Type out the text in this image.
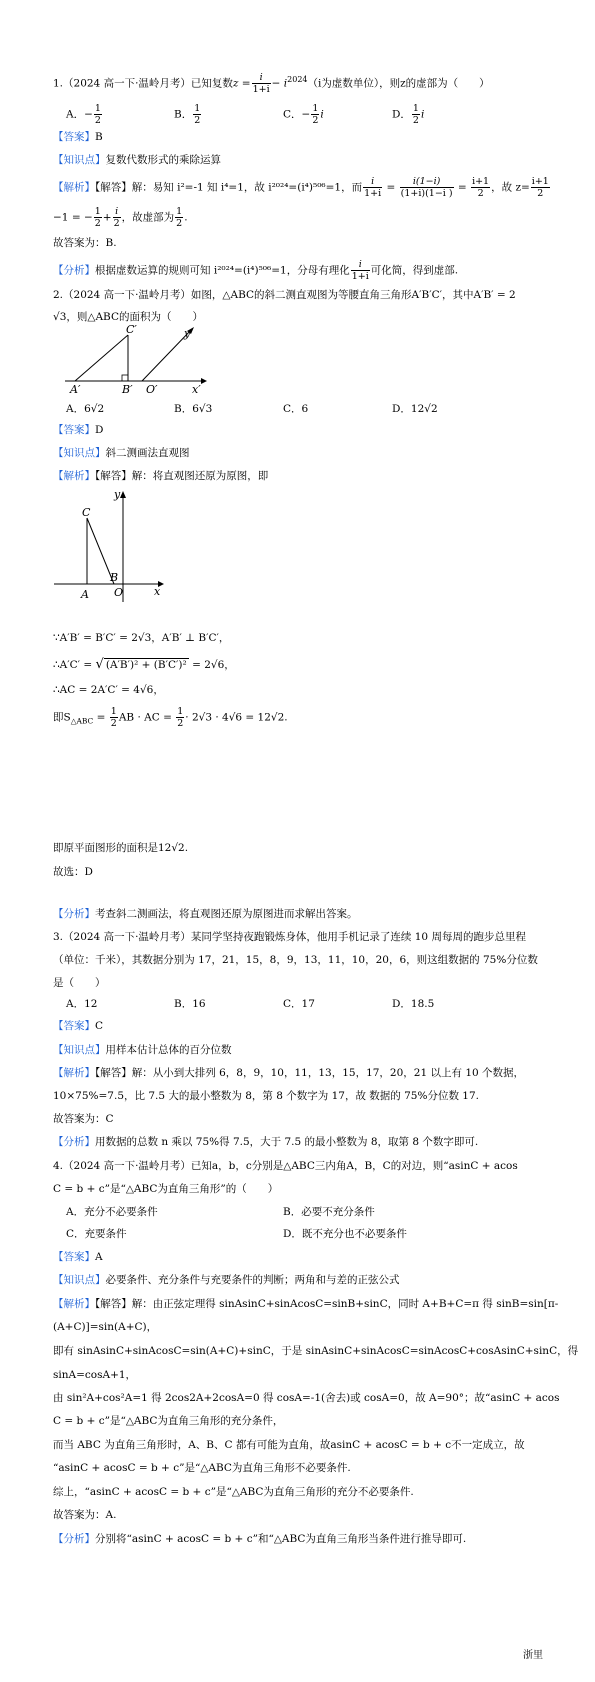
1.（2024 高一下·温岭月考）已知复数$z = \frac{i}{1+i} - i^{2024}(i$为虚数单位），则z的虚部为（　　）
A．− $\frac{1}{2}$	B． $\frac{1}{2}$	C．− $\frac{1}{2}$ i	D． $\frac{1}{2}$ i
【答案】B
【知识点】复数代数形式的乘除运算
【解析】【解答】解：易知 i²=-1 知 i⁴=1，故 i²⁰²⁴=(i⁴)⁵⁰⁶=1，而 $\frac{i}{1+i} = \frac{i(1-i)}{(1+i)(1-i )} = \frac{i+1}{2}$ ，故 $z= \frac{i+1}{2}$
−1 = − $\frac{1}{2} + \frac{i}{2}$ ，故虚部为 $\frac{1}{2}$ .
故答案为：B.
【分析】根据虚数运算的规则可知 i²⁰²⁴=(i⁴)⁵⁰⁶=1，分母有理化 $\frac{i}{1+i}$ 可化简，得到虚部.
2.（2024 高一下·温岭月考）如图，△ABC的斜二测直观图为等腰直角三角形A′B′C′，其中A′B′ = 2
√3，则△ABC的面积为（　　）
C′
A′	B′ O′	x′
y′
A．6√2	B．6√3	C．6	D．12√2
【答案】D
【知识点】斜二测画法直观图
【解析】【解答】解：将直观图还原为原图，即
C
A
B
O	x
y
∵A′B′ = B′C′ = 2√3，A′B′ ⊥ B′C′，
∴A′C′ = √ (A′B′)² + (B′C′)² = 2√6，
∴AC = 2A′C′ = 4√6，
即$S_{\triangle ABC} = \frac{1}{2}$ AB · AC = $\frac{1}{2} \cdot 2√3 \cdot 4√6 = 12√2$.
即原平面图形的面积是12√2.
故选：D
【分析】考查斜二测画法，将直观图还原为原图进而求解出答案。
3.（2024 高一下·温岭月考）某同学坚持夜跑锻炼身体，他用手机记录了连续 10 周每周的跑步总里程
（单位：千米），其数据分别为 17，21，15，8，9，13，11，10，20，6，则这组数据的 75%分位数
是（　　）
A．12	B．16	C．17	D．18.5
【答案】C
【知识点】用样本估计总体的百分位数
【解析】【解答】解：从小到大排列 6，8，9，10，11，13，15，17，20，21 以上有 10 个数据，
10×75%=7.5，比 7.5 大的最小整数为 8，第 8 个数字为 17，故 数据的 75%分位数 17.
故答案为：C
【分析】用数据的总数 n 乘以 75%得 7.5，大于 7.5 的最小整数为 8，取第 8 个数字即可.
4.（2024 高一下·温岭月考）已知a，b，c分别是△ABC三内角A，B，C的对边，则“asinC + acos
C = b + c”是“△ABC为直角三角形”的（　　）
A．充分不必要条件	B．必要不充分条件
C．充要条件	D．既不充分也不必要条件
【答案】A
【知识点】必要条件、充分条件与充要条件的判断；两角和与差的正弦公式
【解析】【解答】解：由正弦定理得 sinAsinC+sinAcosC=sinB+sinC，同时 A+B+C=π 得 sinB=sin[π-
(A+C)]=sin(A+C)，
即有 sinAsinC+sinAcosC=sin(A+C)+sinC，于是 sinAsinC+sinAcosC=sinAcosC+cosAsinC+sinC，得
sinA=cosA+1，
由 sin²A+cos²A=1 得 2cos2A+2cosA=0 得 cosA=-1(舍去)或 cosA=0，故 A=90°；故“asinC + acos
C = b + c”是“△ABC为直角三角形的充分条件，
而当 ABC 为直角三角形时，A、B、C 都有可能为直角，故asinC + acosC = b + c不一定成立，故
“asinC + acosC = b + c”是“△ABC为直角三角形不必要条件.
综上，“asinC + acosC = b + c”是“△ABC为直角三角形的充分不必要条件.
故答案为：A.
【分析】分别将“asinC + acosC = b + c”和“△ABC为直角三角形当条件进行推导即可.
浙里
